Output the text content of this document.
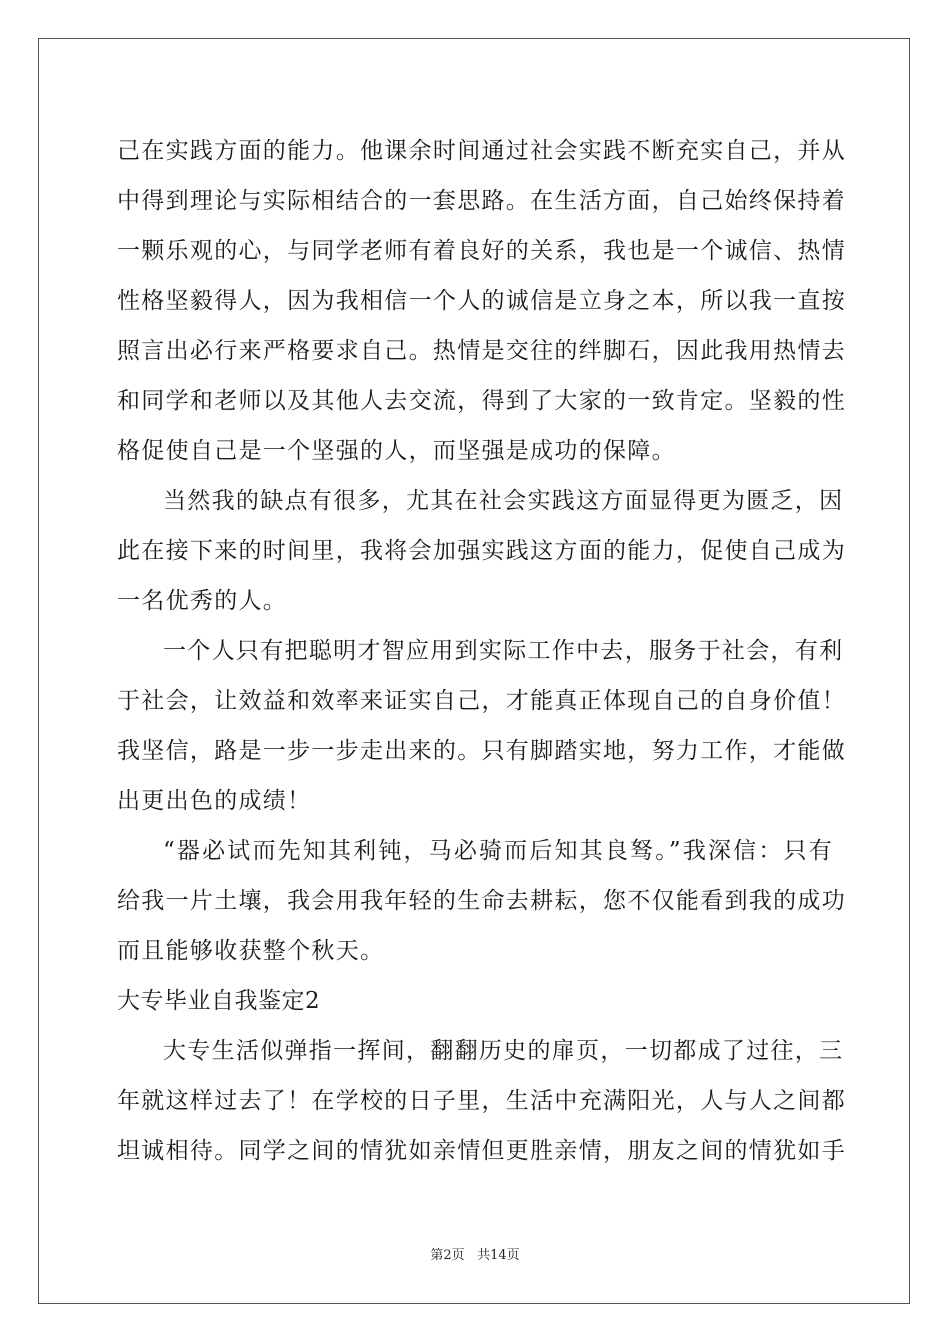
己在实践方面的能力。他课余时间通过社会实践不断充实自己，并从
中得到理论与实际相结合的一套思路。在生活方面，自己始终保持着
一颗乐观的心，与同学老师有着良好的关系，我也是一个诚信、热情
性格坚毅得人，因为我相信一个人的诚信是立身之本，所以我一直按
照言出必行来严格要求自己。热情是交往的绊脚石，因此我用热情去
和同学和老师以及其他人去交流，得到了大家的一致肯定。坚毅的性
格促使自己是一个坚强的人，而坚强是成功的保障。
当然我的缺点有很多，尤其在社会实践这方面显得更为匮乏，因
此在接下来的时间里，我将会加强实践这方面的能力，促使自己成为
一名优秀的人。
一个人只有把聪明才智应用到实际工作中去，服务于社会，有利
于社会，让效益和效率来证实自己，才能真正体现自己的自身价值！
我坚信，路是一步一步走出来的。只有脚踏实地，努力工作，才能做
出更出色的成绩！
“器必试而先知其利钝，马必骑而后知其良驽。”我深信：只有
给我一片土壤，我会用我年轻的生命去耕耘，您不仅能看到我的成功
而且能够收获整个秋天。
大专毕业自我鉴定2
大专生活似弹指一挥间，翻翻历史的扉页，一切都成了过往，三
年就这样过去了！在学校的日子里，生活中充满阳光，人与人之间都
坦诚相待。同学之间的情犹如亲情但更胜亲情，朋友之间的情犹如手
第2页 共14页
